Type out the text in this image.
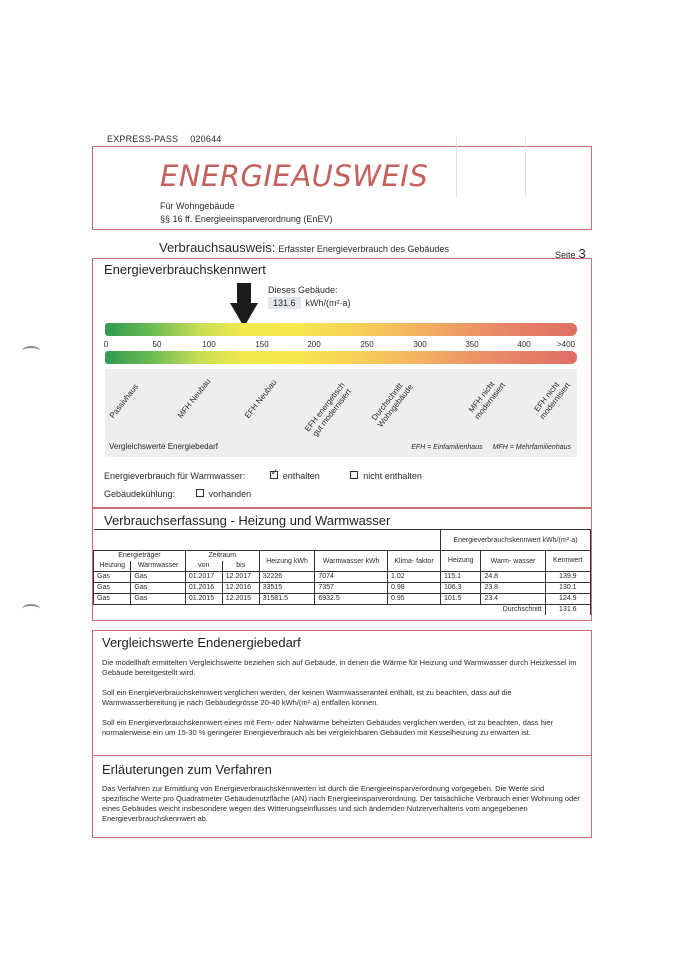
EXPRESS-PASS 020644
ENERGIEAUSWEIS
Für Wohngebäude
§§ 16 ff. Energieeinsparverordnung (EnEV)
Verbrauchsausweis: Erfasster Energieverbrauch des Gebäudes
Seite 3
Energieverbrauchskennwert
Dieses Gebäude:
131.6 kWh/(m²·a)
0	50	100	150	200	250	300	350	400	>400
Passivhaus	MFH Neubau	EFH Neubau	EFH energetisch gut modernisiert Durchschnitt Wohngebäude	MFH nicht modernisiert	EFH nicht modernisiert
Vergleichswerte Energiebedarf	EFH = Einfamilienhaus MFH = Mehrfamilienhaus
Energieverbrauch für Warmwasser: ✓	enthalten	nicht enthalten
Gebäudekühlung:	vorhanden
Verbrauchserfassung - Heizung und Warmwasser
							Energieverbrauchskennwert kWh/(m²·a)		
Energieträger		Zeitraum		Heizung kWh	Warmwasser kWh	Klima- faktor	Heizung	Warm- wasser	Kennwert
Heizung	Warmwasser	von	bis						
Gas	Gas	01.2017	12.2017	32226	7074	1.02	115.1	24.8	139.9
Gas	Gas	01.2016	12.2016	33515	7357	0.98	106.3	23.8	130.1
Gas	Gas	01.2015	12.2015	31581.5	6932.5	0.95	101.5	23.4	124.9
Durchschnitt									131.6
Vergleichswerte Endenergiebedarf
Die modellhaft ermittelten Vergleichswerte beziehen sich auf Gebäude, in denen die Wärme für Heizung und Warmwasser durch Heizkessel im Gebäude bereitgestellt wird.
Soll ein Energieverbrauchskennwert verglichen werden, der keinen Warmwasseranteil enthält, ist zu beachten, dass auf die Warmwasserbereitung je nach Gebäudegrösse 20-40 kWh/(m²·a) entfallen können.
Soll ein Energieverbrauchskennwert eines mit Fern- oder Nahwärme beheizten Gebäudes verglichen werden, ist zu beachten, dass hier normalerweise ein um 15-30 % geringerer Energieverbrauch als bei vergleichbaren Gebäuden mit Kesselheizung zu erwarten ist.
Erläuterungen zum Verfahren
Das Verfahren zur Ermittlung von Energieverbrauchskennwerten ist durch die Energieeinsparverordnung vorgegeben. Die Werte sind spezifische Werte pro Quadratmeter Gebäudenutzfläche (AN) nach Energieeinsparverordnung. Der tatsächliche Verbrauch einer Wohnung oder eines Gebäudes weicht insbesondere wegen des Witterungseinflusses und sich ändernden Nutzerverhaltens vom angegebenen Energieverbrauchskennwert ab.
